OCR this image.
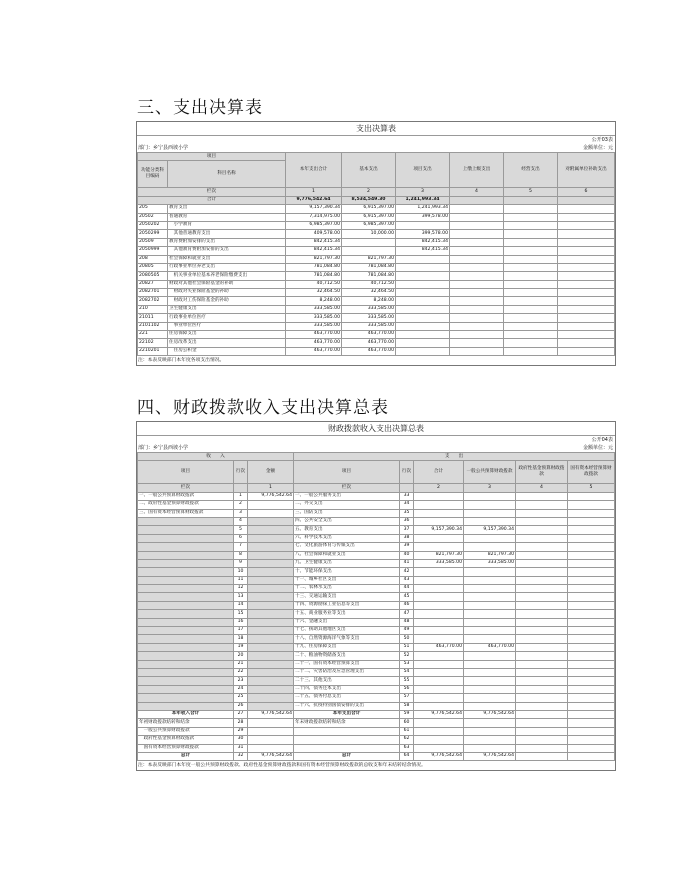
三、支出决算表
支出决算表
公开03表
部门：乡宁县西坡小学	金额单位：元
项目		本年支出合计	基本支出	项目支出	上缴上级支出	经营支出	对附属单位补助支出
功能分类科目编码	科目名称						
栏次		1	2	3	4	5	6
合计		9,776,542.64	8,534,549.30	1,241,993.34			
205	教育支出	9,157,390.34	6,915,397.00	1,241,993.34			
20502	普通教育	7,314,975.00	6,915,397.00	399,578.00			
2050202	　小学教育	6,985,397.00	6,985,397.00				
2050299	　其他普通教育支出	409,578.00	10,000.00	399,578.00			
20509	教育费附加安排的支出	842,415.34		842,415.34			
2050999	　其他教育费附加安排的支出	842,415.34		842,415.34			
208	社会保障和就业支出	821,797.30	821,797.30				
20805	行政事业单位养老支出	781,084.80	781,084.80				
2080505	　机关事业单位基本养老保险缴费支出	781,084.80	781,084.80				
20827	财政对其他社会保险基金的补助	40,712.50	40,712.50				
2082701	　财政对失业保险基金的补助	32,464.50	32,464.50				
2082702	　财政对工伤保险基金的补助	8,248.00	8,248.00				
210	卫生健康支出	333,585.00	333,585.00				
21011	行政事业单位医疗	333,585.00	333,585.00				
2101102	　事业单位医疗	333,585.00	333,585.00				
221	住房保障支出	463,770.00	463,770.00				
22102	住房改革支出	463,770.00	463,770.00				
2210201	　住房公积金	463,770.00	463,770.00				
注：本表反映部门本年度各项支出情况。
四、财政拨款收入支出决算总表
财政拨款收入支出决算总表
公开04表
部门：乡宁县西坡小学	金额单位：元
收　　入			支　　出					
项目	行次	金额	项目	行次	合计	一般公共预算财政拨款	政府性基金预算财政拨款	国有资本经营预算财政拨款
栏次		1	栏次		2	3	4	5
一、一般公共预算财政拨款	1	9,776,542.64	一、一般公共服务支出	33				
二、政府性基金预算财政拨款	2		二、外交支出	34				
三、国有资本经营预算财政拨款	3		三、国防支出	35				
	4		四、公共安全支出	36				
	5		五、教育支出	37	9,157,390.34	9,157,390.34		
	6		六、科学技术支出	38				
	7		七、文化旅游体育与传媒支出	39				
	8		八、社会保障和就业支出	40	821,797.30	821,797.30		
	9		九、卫生健康支出	41	333,585.00	333,585.00		
	10		十、节能环保支出	42				
	11		十一、城乡社区支出	43				
	12		十二、农林水支出	44				
	13		十三、交通运输支出	45				
	14		十四、资源勘探工业信息等支出	46				
	15		十五、商业服务业等支出	47				
	16		十六、金融支出	48				
	17		十七、援助其他地区支出	49				
	18		十八、自然资源海洋气象等支出	50				
	19		十九、住房保障支出	51	463,770.00	463,770.00		
	20		二十、粮油物资储备支出	52				
	21		二十一、国有资本经营预算支出	53				
	22		二十二、灾害防治及应急管理支出	54				
	23		二十三、其他支出	55				
	24		二十四、债务还本支出	56				
	25		二十五、债务付息支出	57				
	26		二十六、抗疫特别国债安排的支出	58				
本年收入合计	27	9,776,542.64	本年支出合计	59	9,776,542.64	9,776,542.64		
年初财政拨款结转和结余	28		年末财政拨款结转和结余	60				
　一般公共预算财政拨款	29			61				
　政府性基金预算财政拨款	30			62				
　国有资本经营预算财政拨款	31			63				
总计	32	9,776,542.64	总计	64	9,776,542.64	9,776,542.64		
注：本表反映部门本年度一般公共预算财政拨款、政府性基金预算财政拨款和国有资本经营预算财政拨款的总收支和年末结转结余情况。
